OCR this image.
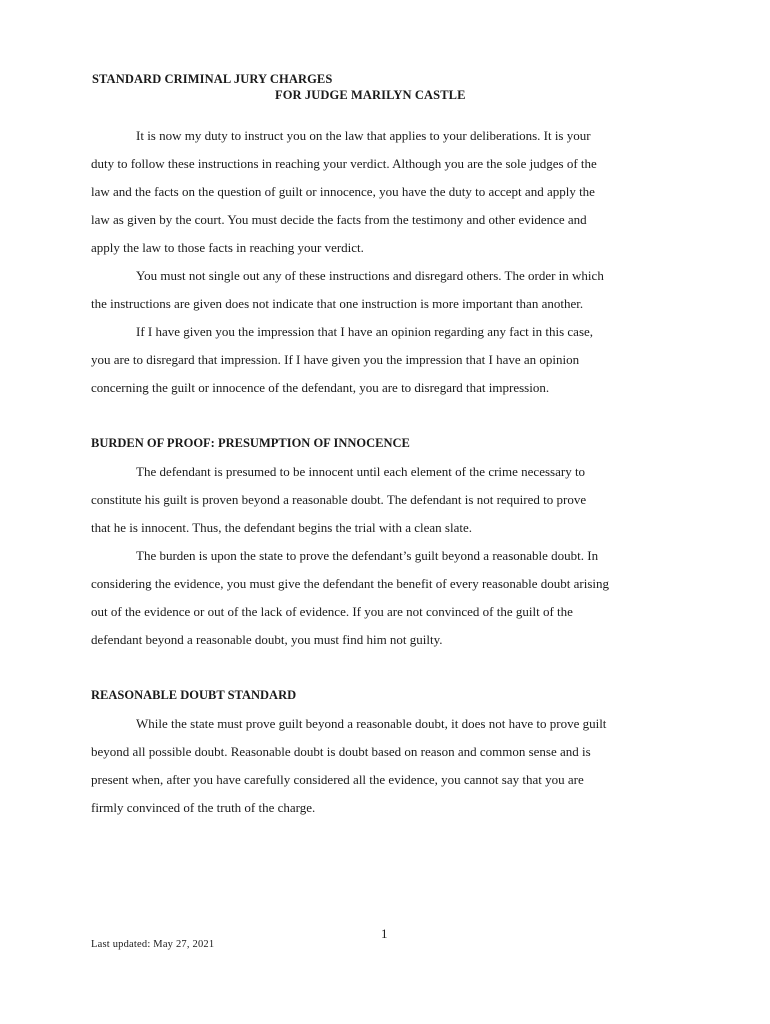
STANDARD CRIMINAL JURY CHARGES
FOR JUDGE MARILYN CASTLE
It is now my duty to instruct you on the law that applies to your deliberations. It is your
duty to follow these instructions in reaching your verdict. Although you are the sole judges of the
law and the facts on the question of guilt or innocence, you have the duty to accept and apply the
law as given by the court. You must decide the facts from the testimony and other evidence and
apply the law to those facts in reaching your verdict.
You must not single out any of these instructions and disregard others. The order in which
the instructions are given does not indicate that one instruction is more important than another.
If I have given you the impression that I have an opinion regarding any fact in this case,
you are to disregard that impression. If I have given you the impression that I have an opinion
concerning the guilt or innocence of the defendant, you are to disregard that impression.
BURDEN OF PROOF: PRESUMPTION OF INNOCENCE
The defendant is presumed to be innocent until each element of the crime necessary to
constitute his guilt is proven beyond a reasonable doubt. The defendant is not required to prove
that he is innocent. Thus, the defendant begins the trial with a clean slate.
The burden is upon the state to prove the defendant’s guilt beyond a reasonable doubt. In
considering the evidence, you must give the defendant the benefit of every reasonable doubt arising
out of the evidence or out of the lack of evidence. If you are not convinced of the guilt of the
defendant beyond a reasonable doubt, you must find him not guilty.
REASONABLE DOUBT STANDARD
While the state must prove guilt beyond a reasonable doubt, it does not have to prove guilt
beyond all possible doubt. Reasonable doubt is doubt based on reason and common sense and is
present when, after you have carefully considered all the evidence, you cannot say that you are
firmly convinced of the truth of the charge.
1
Last updated: May 27, 2021
